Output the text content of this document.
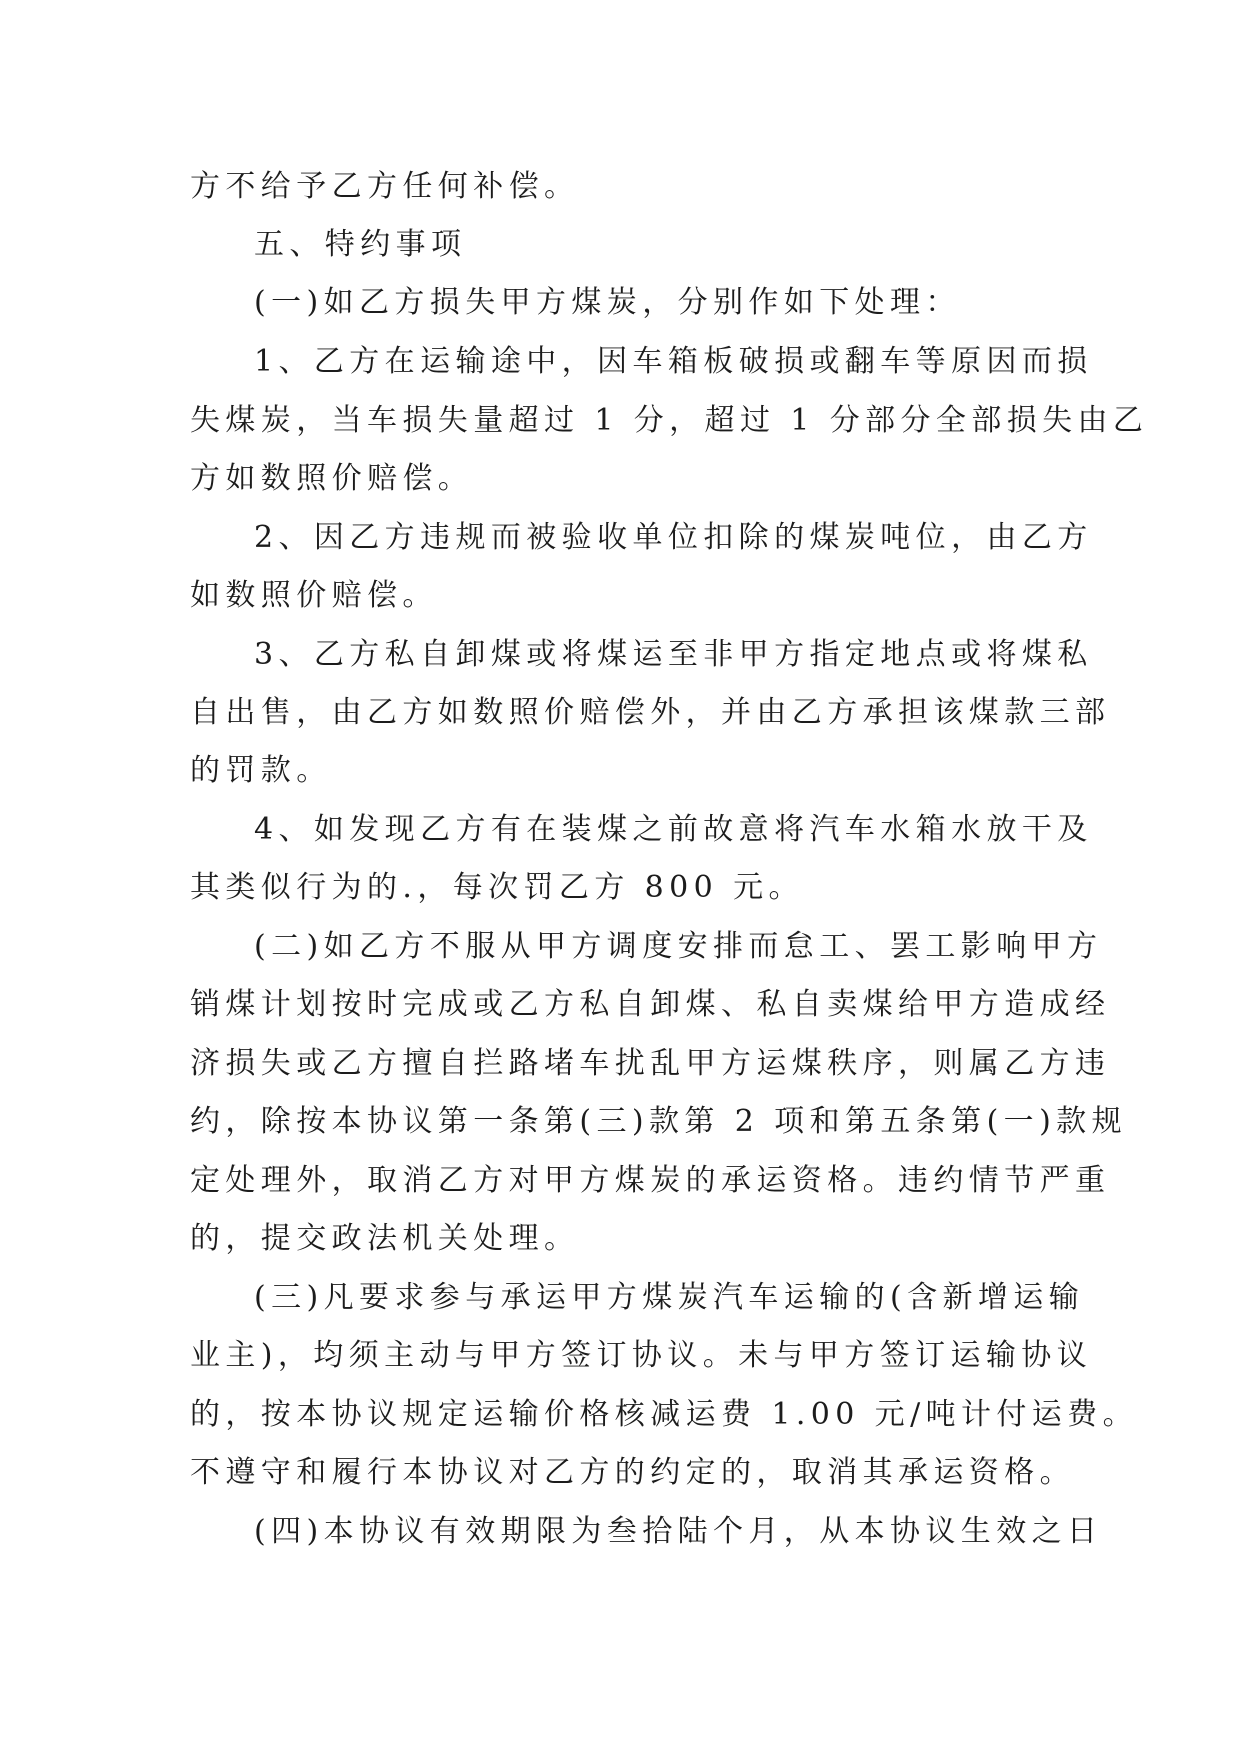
方不给予乙方任何补偿。
五、特约事项
(一)如乙方损失甲方煤炭，分别作如下处理：
1、乙方在运输途中，因车箱板破损或翻车等原因而损
失煤炭，当车损失量超过 1 分，超过 1 分部分全部损失由乙
方如数照价赔偿。
2、因乙方违规而被验收单位扣除的煤炭吨位，由乙方
如数照价赔偿。
3、乙方私自卸煤或将煤运至非甲方指定地点或将煤私
自出售，由乙方如数照价赔偿外，并由乙方承担该煤款三部
的罚款。
4、如发现乙方有在装煤之前故意将汽车水箱水放干及
其类似行为的.，每次罚乙方 800 元。
(二)如乙方不服从甲方调度安排而怠工、罢工影响甲方
销煤计划按时完成或乙方私自卸煤、私自卖煤给甲方造成经
济损失或乙方擅自拦路堵车扰乱甲方运煤秩序，则属乙方违
约，除按本协议第一条第(三)款第 2 项和第五条第(一)款规
定处理外，取消乙方对甲方煤炭的承运资格。违约情节严重
的，提交政法机关处理。
(三)凡要求参与承运甲方煤炭汽车运输的(含新增运输
业主)，均须主动与甲方签订协议。未与甲方签订运输协议
的，按本协议规定运输价格核减运费 1.00 元/吨计付运费。
不遵守和履行本协议对乙方的约定的，取消其承运资格。
(四)本协议有效期限为叁拾陆个月，从本协议生效之日
